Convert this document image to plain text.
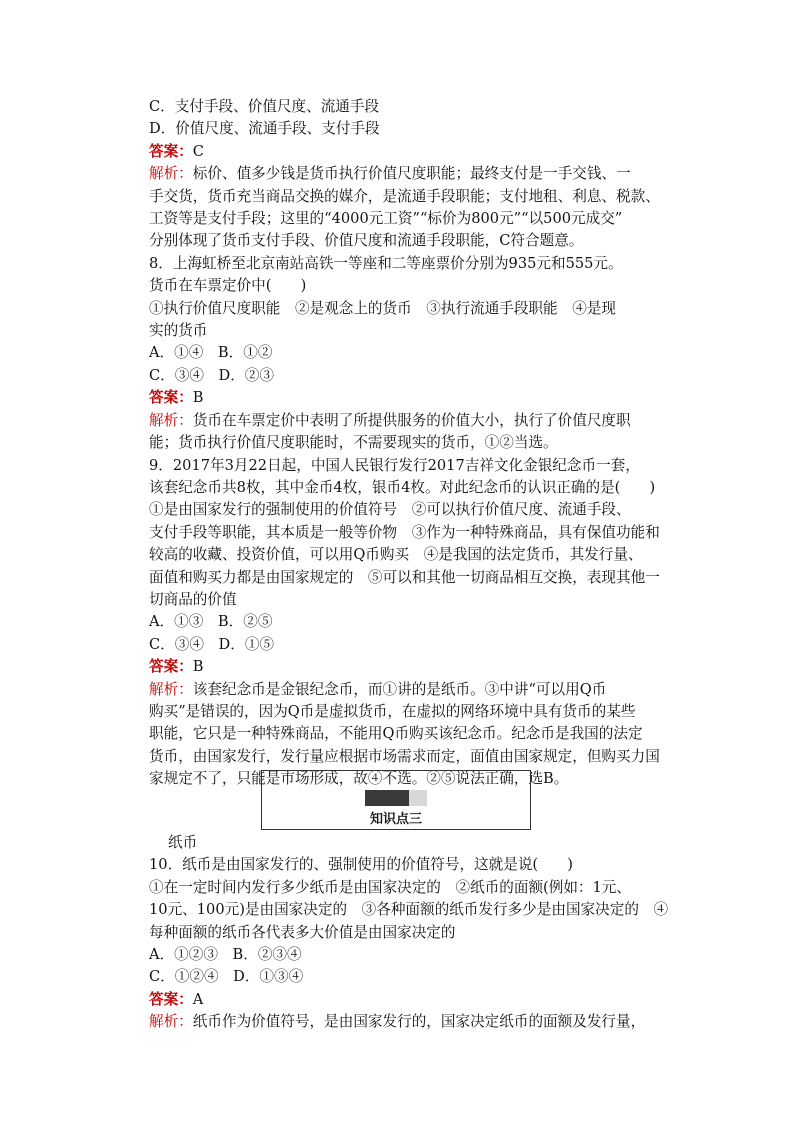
C．支付手段、价值尺度、流通手段
D．价值尺度、流通手段、支付手段
答案：C
解析：标价、值多少钱是货币执行价值尺度职能；最终支付是一手交钱、一
手交货，货币充当商品交换的媒介，是流通手段职能；支付地租、利息、税款、
工资等是支付手段；这里的“4000元工资”“标价为800元”“以500元成交”
分别体现了货币支付手段、价值尺度和流通手段职能，C符合题意。
8．上海虹桥至北京南站高铁一等座和二等座票价分别为935元和555元。
货币在车票定价中(　　)
①执行价值尺度职能　②是观念上的货币　③执行流通手段职能　④是现
实的货币
A．①④　B．①②
C．③④　D．②③
答案：B
解析：货币在车票定价中表明了所提供服务的价值大小，执行了价值尺度职
能；货币执行价值尺度职能时，不需要现实的货币，①②当选。
9．2017年3月22日起，中国人民银行发行2017吉祥文化金银纪念币一套，
该套纪念币共8枚，其中金币4枚，银币4枚。对此纪念币的认识正确的是(　　)
①是由国家发行的强制使用的价值符号　②可以执行价值尺度、流通手段、
支付手段等职能，其本质是一般等价物　③作为一种特殊商品，具有保值功能和
较高的收藏、投资价值，可以用Q币购买　④是我国的法定货币，其发行量、
面值和购买力都是由国家规定的　⑤可以和其他一切商品相互交换，表现其他一
切商品的价值
A．①③　B．②⑤
C．③④　D．①⑤
答案：B
解析：该套纪念币是金银纪念币，而①讲的是纸币。③中讲“可以用Q币
购买”是错误的，因为Q币是虚拟货币，在虚拟的网络环境中具有货币的某些
职能，它只是一种特殊商品，不能用Q币购买该纪念币。纪念币是我国的法定
货币，由国家发行，发行量应根据市场需求而定，面值由国家规定，但购买力国
家规定不了，只能是市场形成，故④不选。②⑤说法正确，选B。
知识点三
纸币
10．纸币是由国家发行的、强制使用的价值符号，这就是说(　　)
①在一定时间内发行多少纸币是由国家决定的　②纸币的面额(例如：1元、
10元、100元)是由国家决定的　③各种面额的纸币发行多少是由国家决定的　④
每种面额的纸币各代表多大价值是由国家决定的
A．①②③　B．②③④
C．①②④　D．①③④
答案：A
解析：纸币作为价值符号，是由国家发行的，国家决定纸币的面额及发行量，
